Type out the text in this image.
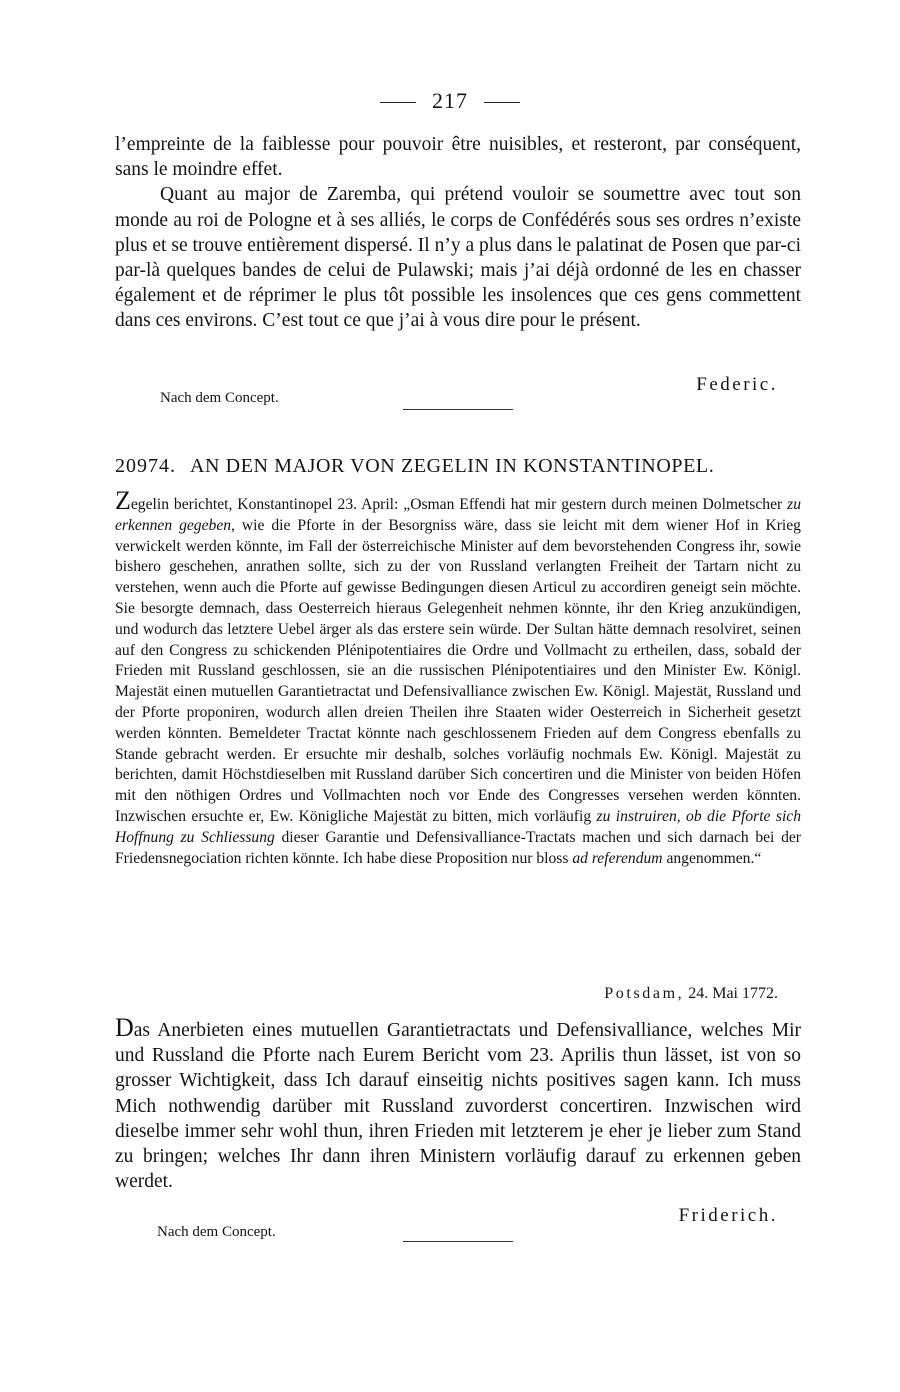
217

l’empreinte de la faiblesse pour pouvoir être nuisibles, et resteront, par conséquent, sans le moindre effet.

Quant au major de Zaremba, qui prétend vouloir se soumettre avec tout son monde au roi de Pologne et à ses alliés, le corps de Confédérés sous ses ordres n’existe plus et se trouve entièrement dispersé. Il n’y a plus dans le palatinat de Posen que par-ci par-là quelques bandes de celui de Pulawski; mais j’ai déjà ordonné de les en chasser également et de réprimer le plus tôt possible les insolences que ces gens commettent dans ces environs. C’est tout ce que j’ai à vous dire pour le présent.

Federic.
Nach dem Concept.
20974. AN DEN MAJOR VON ZEGELIN IN KONSTANTINOPEL.
Zegelin berichtet, Konstantinopel 23. April: „Osman Effendi hat mir gestern durch meinen Dolmetscher zu erkennen gegeben, wie die Pforte in der Besorgniss wäre, dass sie leicht mit dem wiener Hof in Krieg verwickelt werden könnte, im Fall der österreichische Minister auf dem bevorstehenden Congress ihr, sowie bishero geschehen, anrathen sollte, sich zu der von Russland verlangten Freiheit der Tartarn nicht zu verstehen, wenn auch die Pforte auf gewisse Bedingungen diesen Articul zu accordiren geneigt sein möchte. Sie besorgte demnach, dass Oesterreich hieraus Gelegenheit nehmen könnte, ihr den Krieg anzukündigen, und wodurch das letztere Uebel ärger als das erstere sein würde. Der Sultan hätte demnach resolviret, seinen auf den Congress zu schickenden Plénipotentiaires die Ordre und Vollmacht zu ertheilen, dass, sobald der Frieden mit Russland geschlossen, sie an die russischen Plénipotentiaires und den Minister Ew. Königl. Majestät einen mutuellen Garantietractat und Defensivalliance zwischen Ew. Königl. Majestät, Russland und der Pforte proponiren, wodurch allen dreien Theilen ihre Staaten wider Oesterreich in Sicherheit gesetzt werden könnten. Bemeldeter Tractat könnte nach geschlossenem Frieden auf dem Congress ebenfalls zu Stande gebracht werden. Er ersuchte mir deshalb, solches vorläufig nochmals Ew. Königl. Majestät zu berichten, damit Höchstdieselben mit Russland darüber Sich concertiren und die Minister von beiden Höfen mit den nöthigen Ordres und Vollmachten noch vor Ende des Congresses versehen werden könnten. Inzwischen ersuchte er, Ew. Königliche Majestät zu bitten, mich vorläufig zu instruiren, ob die Pforte sich Hoffnung zu Schliessung dieser Garantie und Defensivalliance-Tractats machen und sich darnach bei der Friedensnegociation richten könnte. Ich habe diese Proposition nur bloss ad referendum angenommen.“
Potsdam, 24. Mai 1772.
Das Anerbieten eines mutuellen Garantietractats und Defensivalliance, welches Mir und Russland die Pforte nach Eurem Bericht vom 23. Aprilis thun lässet, ist von so grosser Wichtigkeit, dass Ich darauf einseitig nichts positives sagen kann. Ich muss Mich nothwendig darüber mit Russland zuvorderst concertiren. Inzwischen wird dieselbe immer sehr wohl thun, ihren Frieden mit letzterem je eher je lieber zum Stand zu bringen; welches Ihr dann ihren Ministern vorläufig darauf zu erkennen geben werdet.
Friderich.
Nach dem Concept.
